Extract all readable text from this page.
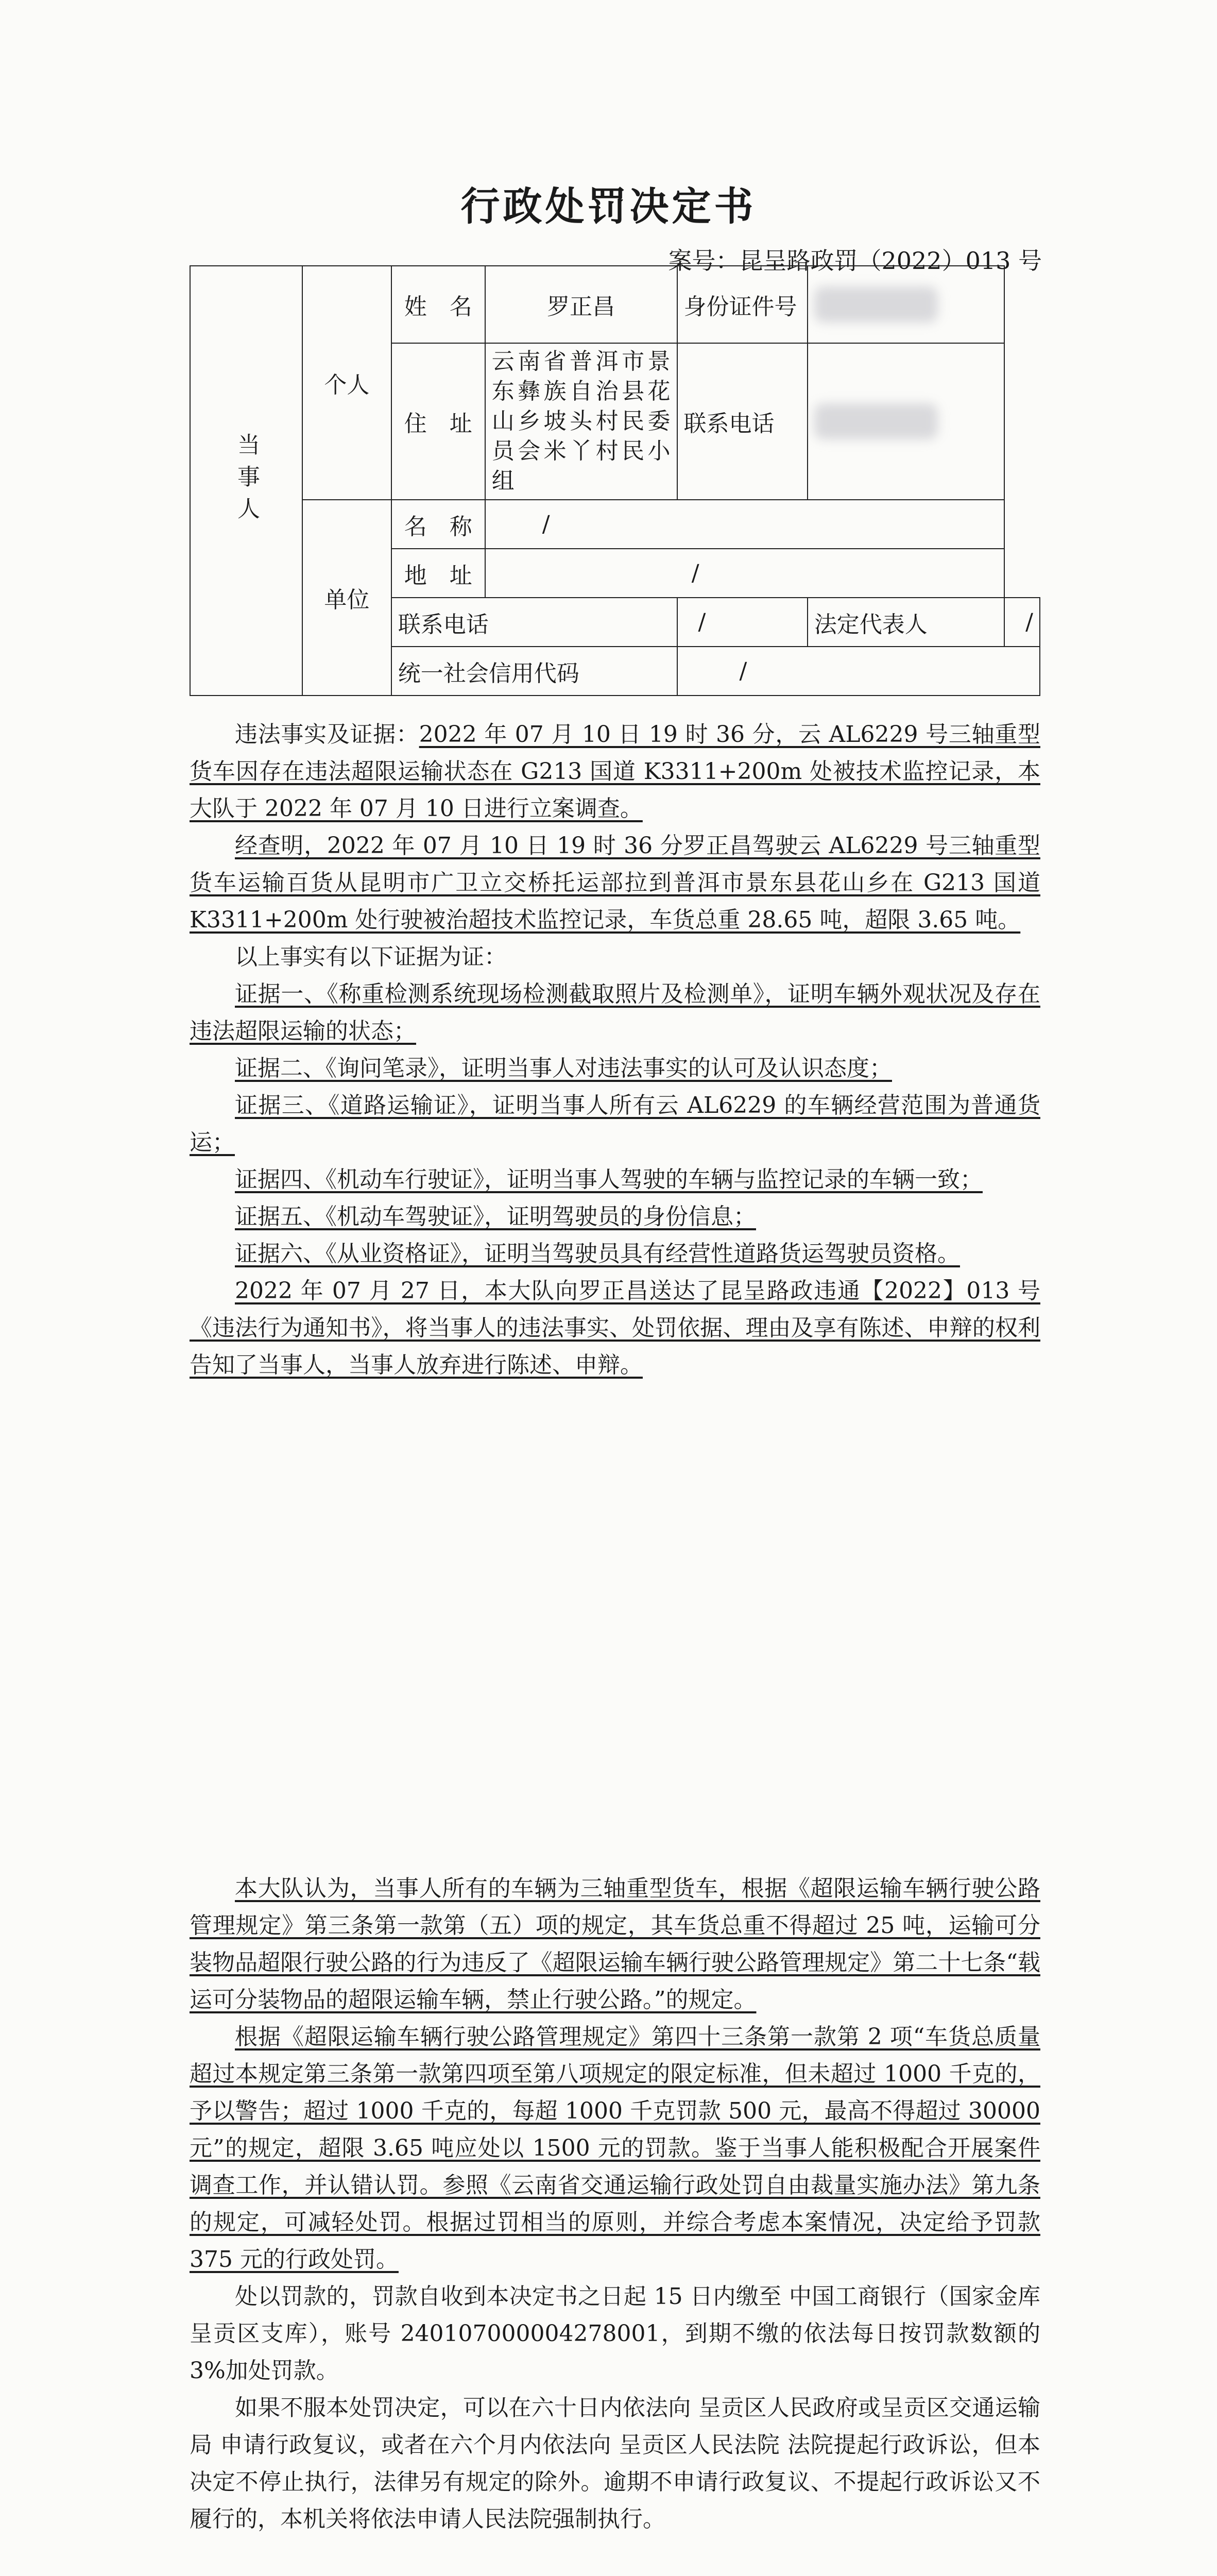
行政处罚决定书
案号：昆呈路政罚（2022）013 号
当事人	个人	姓　名	罗正昌	身份证件号		

		住　址	云南省普洱市景东彝族自治县花山乡坡头村民委员会米丫村民小组	联系电话		

	单位	名　称	/			
		地　址	/			
		联系电话		/	法定代表人	/
		统一社会信用代码		/		

违法事实及证据：2022 年 07 月 10 日 19 时 36 分，云 AL6229 号三轴重型货车因存在违法超限运输状态在 G213 国道 K3311+200m 处被技术监控记录，本大队于 2022 年 07 月 10 日进行立案调查。

经查明，2022 年 07 月 10 日 19 时 36 分罗正昌驾驶云 AL6229 号三轴重型货车运输百货从昆明市广卫立交桥托运部拉到普洱市景东县花山乡在 G213 国道 K3311+200m 处行驶被治超技术监控记录，车货总重 28.65 吨，超限 3.65 吨。

以上事实有以下证据为证：

证据一、《称重检测系统现场检测截取照片及检测单》，证明车辆外观状况及存在违法超限运输的状态；

证据二、《询问笔录》，证明当事人对违法事实的认可及认识态度；

证据三、《道路运输证》，证明当事人所有云 AL6229 的车辆经营范围为普通货运；

证据四、《机动车行驶证》，证明当事人驾驶的车辆与监控记录的车辆一致；

证据五、《机动车驾驶证》，证明驾驶员的身份信息；

证据六、《从业资格证》，证明当驾驶员具有经营性道路货运驾驶员资格。

2022 年 07 月 27 日，本大队向罗正昌送达了昆呈路政违通【2022】013 号《违法行为通知书》，将当事人的违法事实、处罚依据、理由及享有陈述、申辩的权利告知了当事人，当事人放弃进行陈述、申辩。

本大队认为，当事人所有的车辆为三轴重型货车，根据《超限运输车辆行驶公路管理规定》第三条第一款第（五）项的规定，其车货总重不得超过 25 吨，运输可分装物品超限行驶公路的行为违反了《超限运输车辆行驶公路管理规定》第二十七条“载运可分装物品的超限运输车辆，禁止行驶公路。”的规定。

根据《超限运输车辆行驶公路管理规定》第四十三条第一款第 2 项“车货总质量超过本规定第三条第一款第四项至第八项规定的限定标准，但未超过 1000 千克的，予以警告；超过 1000 千克的，每超 1000 千克罚款 500 元，最高不得超过 30000 元”的规定，超限 3.65 吨应处以 1500 元的罚款。鉴于当事人能积极配合开展案件调查工作，并认错认罚。参照《云南省交通运输行政处罚自由裁量实施办法》第九条的规定，可减轻处罚。根据过罚相当的原则，并综合考虑本案情况，决定给予罚款 375 元的行政处罚。

处以罚款的，罚款自收到本决定书之日起 15 日内缴至 中国工商银行（国家金库呈贡区支库），账号 2401070000042780​01，到期不缴的依法每日按罚款数额的 3%加处罚款。

如果不服本处罚决定，可以在六十日内依法向 呈贡区人民政府或呈贡区交通运输局 申请行政复议，或者在六个月内依法向 呈贡区人民法院 法院提起行政诉讼，但本决定不停止执行，法律另有规定的除外。逾期不申请行政复议、不提起行政诉讼又不履行的，本机关将依法申请人民法院强制执行。
